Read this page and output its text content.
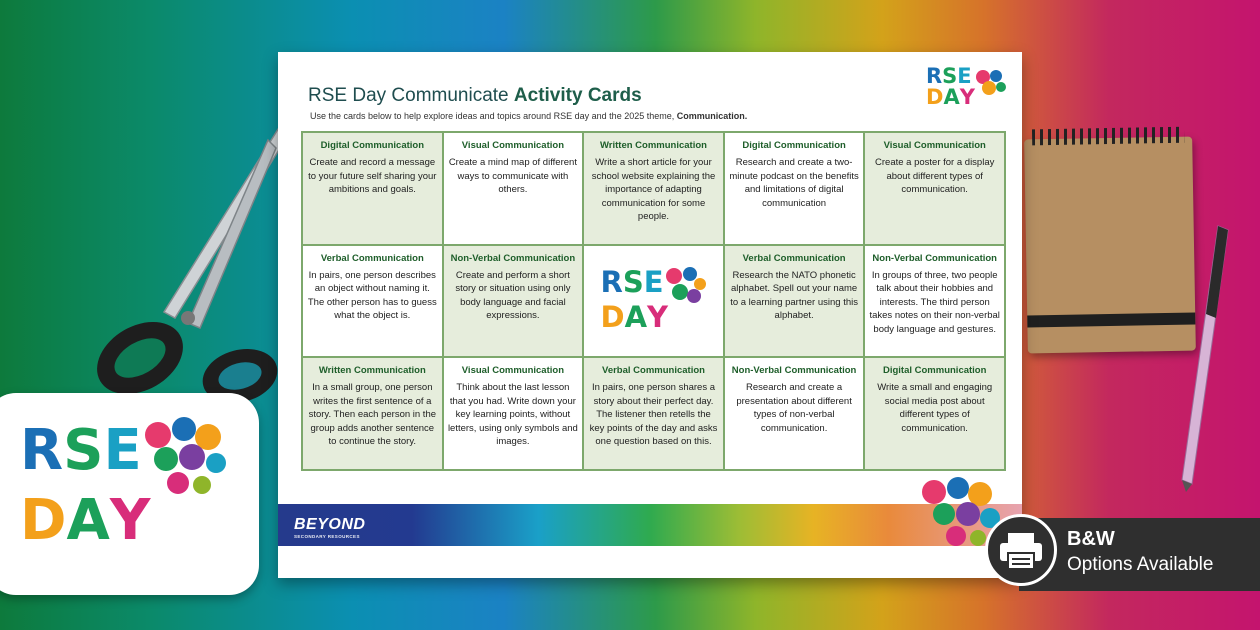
RSE Day Communicate Activity Cards
Use the cards below to help explore ideas and topics around RSE day and the 2025 theme, Communication.
R S E
D A Y
Digital Communication
Create and record a message to your future self sharing your ambitions and goals.
Visual Communication
Create a mind map of different ways to communicate with others.
Written Communication
Write a short article for your school website explaining the importance of adapting communication for some people.
Digital Communication
Research and create a two-minute podcast on the benefits and limitations of digital communication
Visual Communication
Create a poster for a display about different types of communication.
Verbal Communication
In pairs, one person describes an object without naming it. The other person has to guess what the object is.
Non-Verbal Communication
Create and perform a short story or situation using only body language and facial expressions.
R S E
D A Y
Verbal Communication
Research the NATO phonetic alphabet. Spell out your name to a learning partner using this alphabet.
Non-Verbal Communication
In groups of three, two people talk about their hobbies and interests. The third person takes notes on their non-verbal body language and gestures.
Written Communication
In a small group, one person writes the first sentence of a story. Then each person in the group adds another sentence to continue the story.
Visual Communication
Think about the last lesson that you had. Write down your key learning points, without letters, using only symbols and images.
Verbal Communication
In pairs, one person shares a story about their perfect day. The listener then retells the key points of the day and asks one question based on this.
Non-Verbal Communication
Research and create a presentation about different types of non-verbal communication.
Digital Communication
Write a small and engaging social media post about different types of communication.
BEYOND
SECONDARY RESOURCES
R S E
D A Y	B&W
Options Available
